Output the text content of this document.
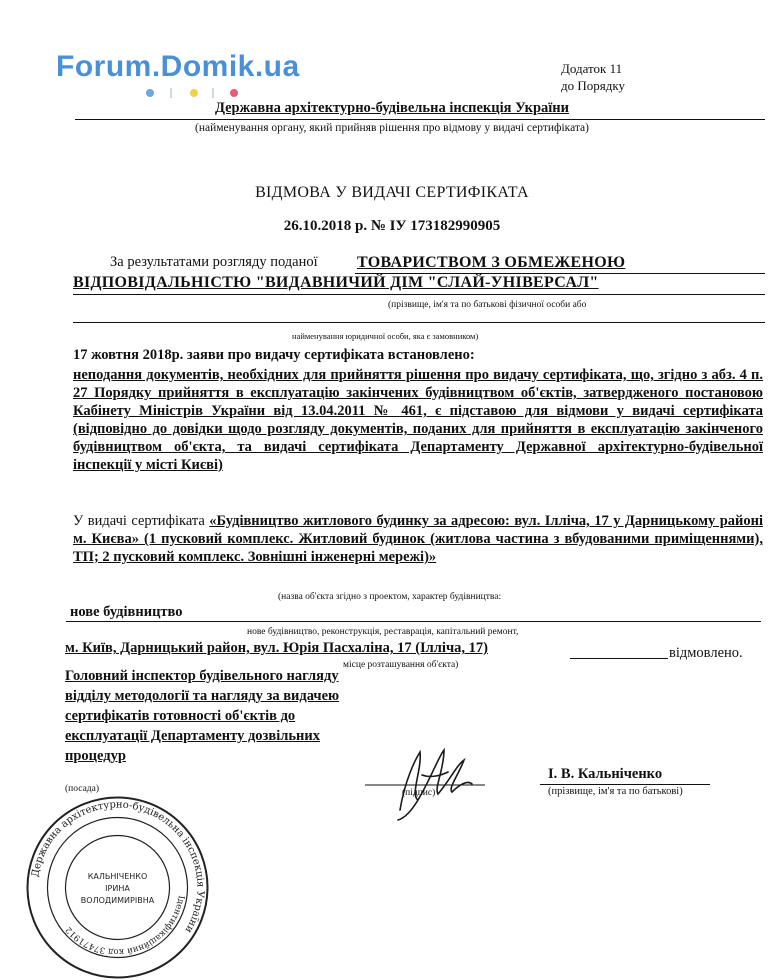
Forum.Domik.ua	Додаток 11
до Порядку
Державна архітектурно-будівельна інспекція України
(найменування органу, який прийняв рішення про відмову у видачі сертифіката)
ВІДМОВА У ВИДАЧІ СЕРТИФІКАТА
26.10.2018 р. № ІУ 173182990905
За результатами розгляду поданої ТОВАРИСТВОМ З ОБМЕЖЕНОЮ
ВІДПОВІДАЛЬНІСТЮ "ВИДАВНИЧИЙ ДІМ "СЛАЙ-УНІВЕРСАЛ"
(прізвище, ім'я та по батькові фізичної особи або
найменування юридичної особи, яка є замовником)
17 жовтня 2018р. заяви про видачу сертифіката встановлено:
неподання документів, необхідних для прийняття рішення про видачу сертифіката, що, згідно з абз. 4 п. 27 Порядку прийняття в експлуатацію закінчених будівництвом об'єктів, затвердженого постановою Кабінету Міністрів України від 13.04.2011 № 461, є підставою для відмови у видачі сертифіката (відповідно до довідки щодо розгляду документів, поданих для прийняття в експлуатацію закінченого будівництвом об'єкта, та видачі сертифіката Департаменту Державної архітектурно-будівельної інспекції у місті Києві)
У видачі сертифіката «Будівництво житлового будинку за адресою: вул. Ілліча, 17 у Дарницькому районі м. Києва» (1 пусковий комплекс. Житловий будинок (житлова частина з вбудованими приміщеннями), ТП; 2 пусковий комплекс. Зовнішні інженерні мережі)»
(назва об'єкта згідно з проектом, характер будівництва:
нове будівництво
нове будівництво, реконструкція, реставрація, капітальний ремонт,
м. Київ, Дарницький район, вул. Юрія Пасхаліна, 17 (Ілліча, 17)	відмовлено.
місце розташування об'єкта)
Головний інспектор будівельного нагляду відділу методології та нагляду за видачею сертифікатів готовності об'єктів до експлуатації Департаменту дозвільних процедур
(посада)	(підпис)
І. В. Кальніченко
(прізвище, ім'я та по батькові)
Державна архітектурно-будівельна інспекція України
Ідентифікаційний код 37471912
КАЛЬНІЧЕНКО
ІРИНА
ВОЛОДИМИРІВНА
